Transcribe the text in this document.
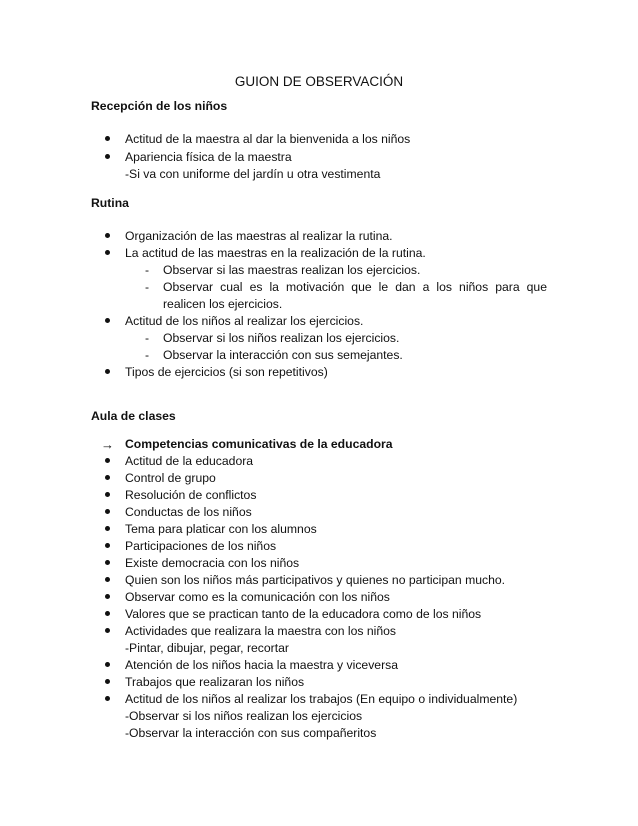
GUION DE OBSERVACIÓN
Recepción de los niños
Actitud de la maestra al dar la bienvenida a los niños
Apariencia física de la maestra
-Si va con uniforme del jardín u otra vestimenta
Rutina
Organización de las maestras al realizar la rutina.
La actitud de las maestras en la realización de la rutina.
- Observar si las maestras realizan los ejercicios.
- Observar cual es la motivación que le dan a los niños para que
realicen los ejercicios.
Actitud de los niños al realizar los ejercicios.
- Observar si los niños realizan los ejercicios.
- Observar la interacción con sus semejantes.
Tipos de ejercicios (si son repetitivos)
Aula de clases
→ Competencias comunicativas de la educadora
Actitud de la educadora
Control de grupo
Resolución de conflictos
Conductas de los niños
Tema para platicar con los alumnos
Participaciones de los niños
Existe democracia con los niños
Quien son los niños más participativos y quienes no participan mucho.
Observar como es la comunicación con los niños
Valores que se practican tanto de la educadora como de los niños
Actividades que realizara la maestra con los niños
-Pintar, dibujar, pegar, recortar
Atención de los niños hacia la maestra y viceversa
Trabajos que realizaran los niños
Actitud de los niños al realizar los trabajos (En equipo o individualmente)
-Observar si los niños realizan los ejercicios
-Observar la interacción con sus compañeritos
